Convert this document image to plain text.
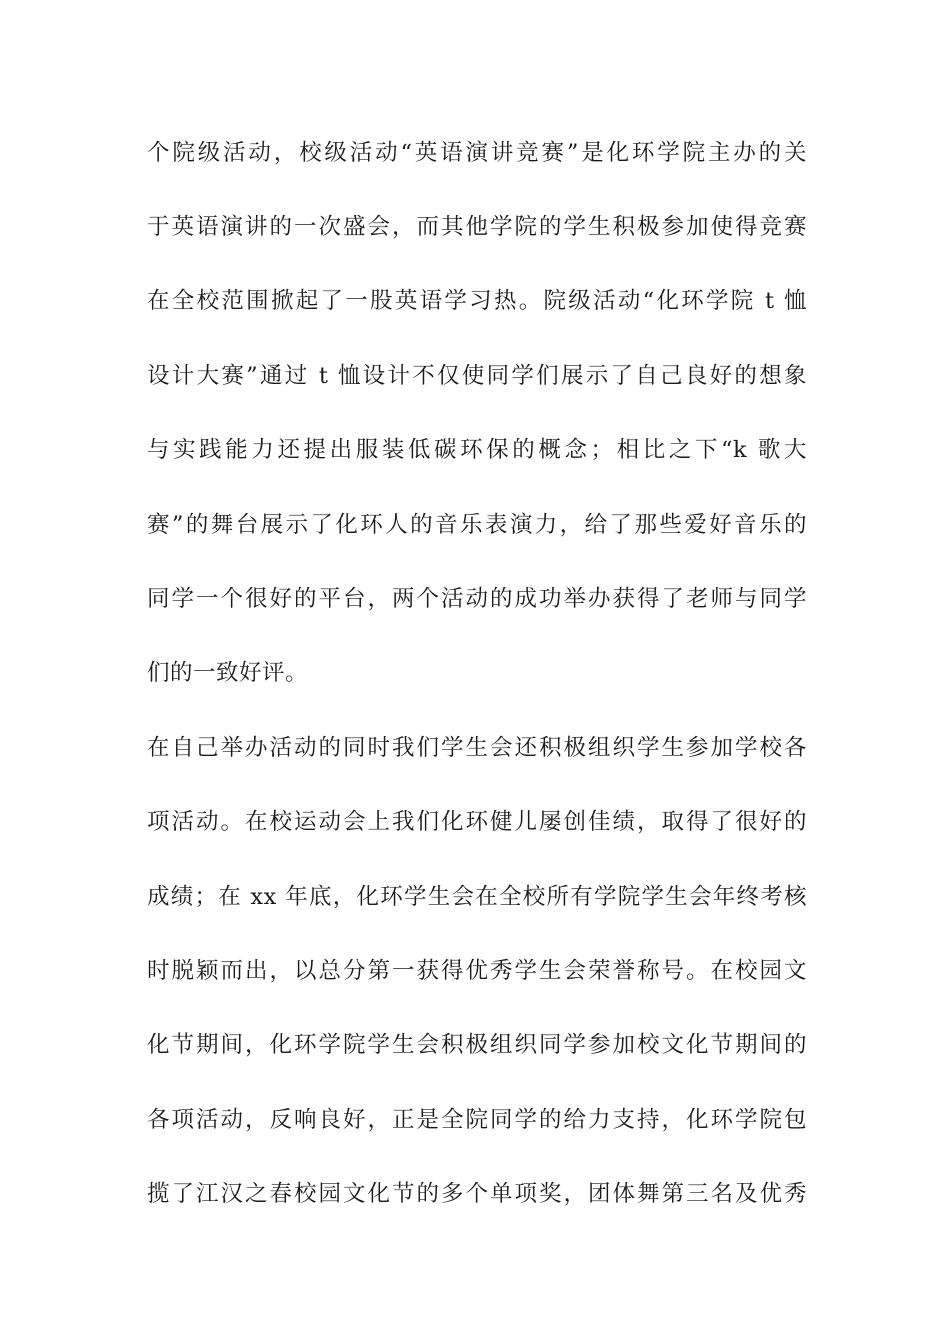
个院级活动，校级活动“英语演讲竞赛”是化环学院主办的关
于英语演讲的一次盛会，而其他学院的学生积极参加使得竞赛
在全校范围掀起了一股英语学习热。院级活动“化环学院 t 恤
设计大赛”通过 t 恤设计不仅使同学们展示了自己良好的想象
与实践能力还提出服装低碳环保的概念；相比之下“k 歌大
赛”的舞台展示了化环人的音乐表演力，给了那些爱好音乐的
同学一个很好的平台，两个活动的成功举办获得了老师与同学
们的一致好评。
在自己举办活动的同时我们学生会还积极组织学生参加学校各
项活动。在校运动会上我们化环健儿屡创佳绩，取得了很好的
成绩；在 xx 年底，化环学生会在全校所有学院学生会年终考核
时脱颖而出，以总分第一获得优秀学生会荣誉称号。在校园文
化节期间，化环学院学生会积极组织同学参加校文化节期间的
各项活动，反响良好，正是全院同学的给力支持，化环学院包
揽了江汉之春校园文化节的多个单项奖，团体舞第三名及优秀
